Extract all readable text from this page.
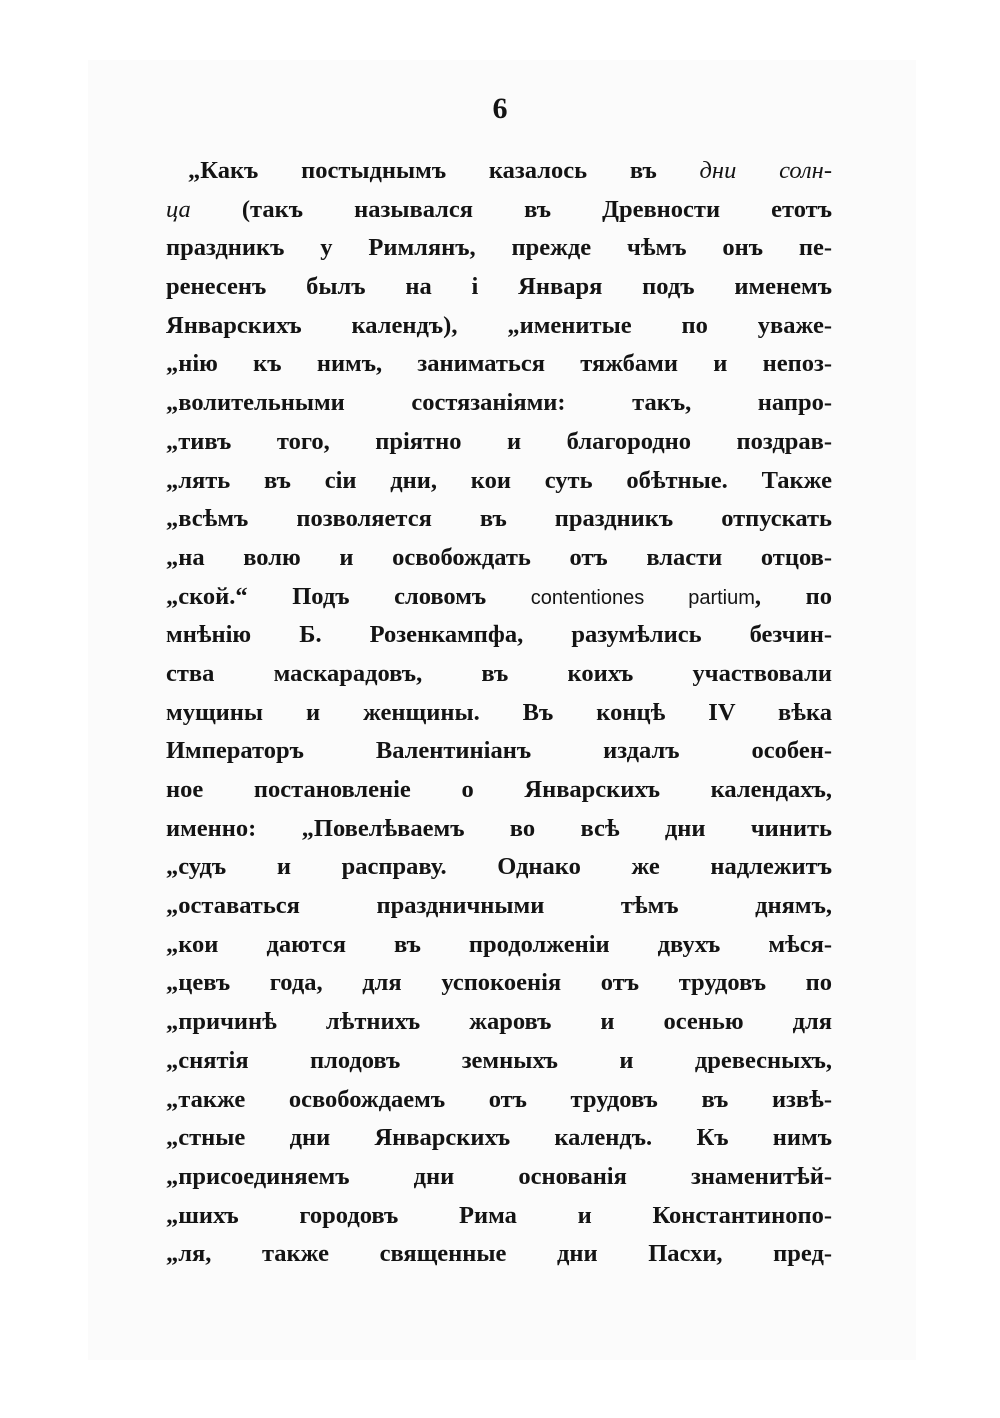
6
„Какъ постыднымъ казалось въ дни солн-
ца (такъ назывался въ Древности етотъ
праздникъ у Римлянъ, прежде чѣмъ онъ пе-
ренесенъ былъ на і Января подъ именемъ
Январскихъ календъ), „именитые по уваже-
„нію къ нимъ, заниматься тяжбами и непоз-
„волительными состязаніями: такъ, напро-
„тивъ того, пріятно и благородно поздрав-
„лять въ сіи дни, кои суть обѣтные. Также
„всѣмъ позволяется въ праздникъ отпускать
„на волю и освобождать отъ власти отцов-
„ской.“ Подъ словомъ contentiones partium, по
мнѣнію Б. Розенкампфа, разумѣлись безчин-
ства маскарадовъ, въ коихъ участвовали
мущины и женщины. Въ концѣ IV вѣка
Императоръ Валентиніанъ издалъ особен-
ное постановленіе о Январскихъ календахъ,
именно: „Повелѣваемъ во всѣ дни чинить
„судъ и расправу. Однако же надлежитъ
„оставаться праздничными тѣмъ днямъ,
„кои даются въ продолженіи двухъ мѣся-
„цевъ года, для успокоенія отъ трудовъ по
„причинѣ лѣтнихъ жаровъ и осенью для
„снятія плодовъ земныхъ и древесныхъ,
„также освобождаемъ отъ трудовъ въ извѣ-
„стные дни Январскихъ календъ. Къ нимъ
„присоединяемъ дни основанія знаменитѣй-
„шихъ городовъ Рима и Константинопо-
„ля, также священные дни Пасхи, пред-
